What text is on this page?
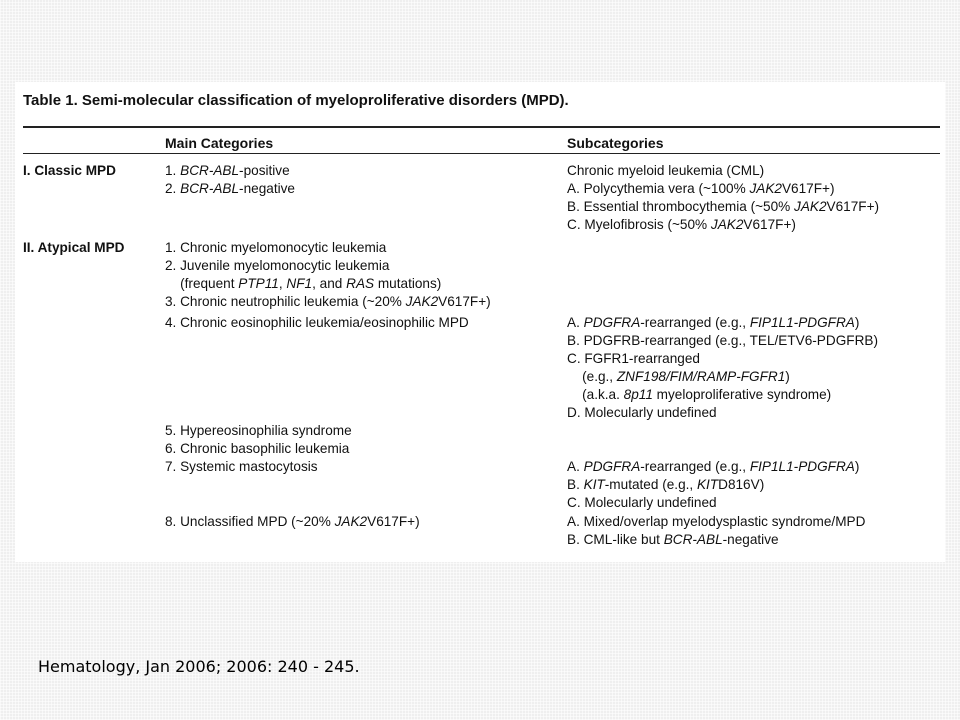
Table 1. Semi-molecular classification of myeloproliferative disorders (MPD).
Main Categories	Subcategories
I. Classic MPD
II. Atypical MPD
1. BCR-ABL-positive
2. BCR-ABL-negative
1. Chronic myelomonocytic leukemia
2. Juvenile myelomonocytic leukemia
(frequent PTP11, NF1, and RAS mutations)
3. Chronic neutrophilic leukemia (~20% JAK2V617F+)
4. Chronic eosinophilic leukemia/eosinophilic MPD
5. Hypereosinophilia syndrome
6. Chronic basophilic leukemia
7. Systemic mastocytosis
8. Unclassified MPD (~20% JAK2V617F+)
Chronic myeloid leukemia (CML)
A. Polycythemia vera (~100% JAK2V617F+)
B. Essential thrombocythemia (~50% JAK2V617F+)
C. Myelofibrosis (~50% JAK2V617F+)
A. PDGFRA-rearranged (e.g., FIP1L1-PDGFRA)
B. PDGFRB-rearranged (e.g., TEL/ETV6-PDGFRB)
C. FGFR1-rearranged
(e.g., ZNF198/FIM/RAMP-FGFR1)
(a.k.a. 8p11 myeloproliferative syndrome)
D. Molecularly undefined
A. PDGFRA-rearranged (e.g., FIP1L1-PDGFRA)
B. KIT-mutated (e.g., KITD816V)
C. Molecularly undefined
A. Mixed/overlap myelodysplastic syndrome/MPD
B. CML-like but BCR-ABL-negative
Hematology, Jan 2006; 2006: 240 - 245.
